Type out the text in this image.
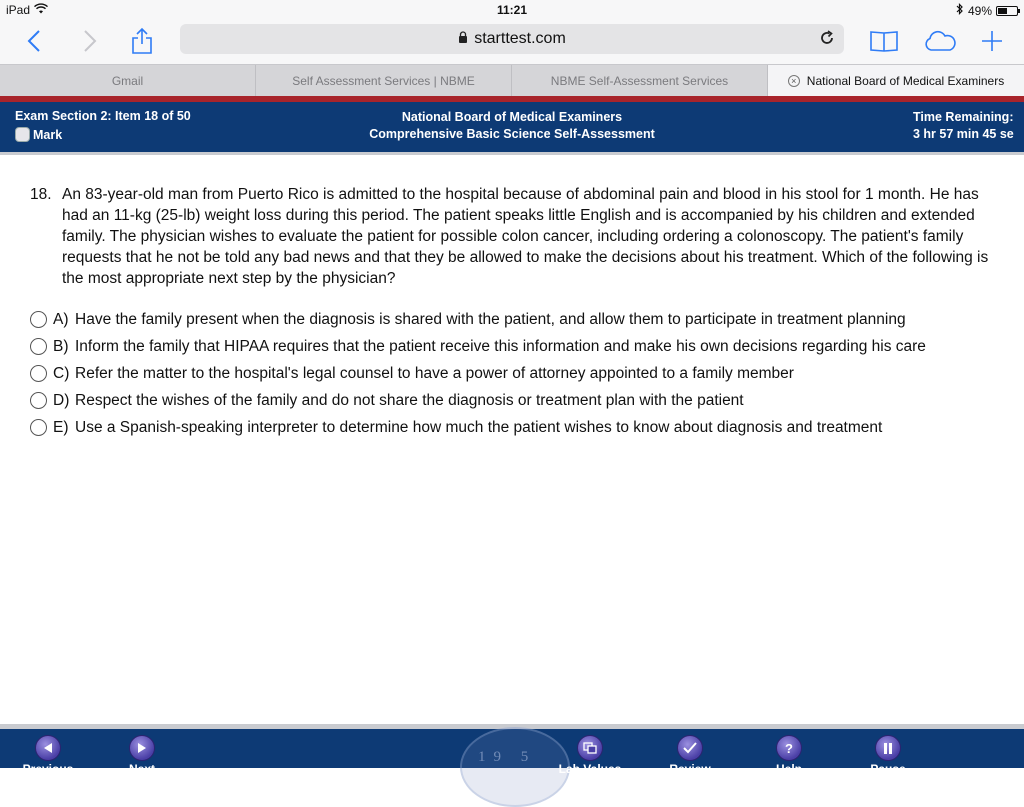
iPad	11:21	49%
starttest.com
Gmail	Self Assessment Services | NBME	NBME Self-Assessment Services	× National Board of Medical Examiners
Exam Section 2: Item 18 of 50
Mark
National Board of Medical Examiners
Comprehensive Basic Science Self-Assessment
Time Remaining:
3 hr 57 min 45 se
18. An 83-year-old man from Puerto Rico is admitted to the hospital because of abdominal pain and blood in his stool for 1 month. He has had an 11-kg (25-lb) weight loss during this period. The patient speaks little English and is accompanied by his children and extended family. The physician wishes to evaluate the patient for possible colon cancer, including ordering a colonoscopy. The patient's family requests that he not be told any bad news and that they be allowed to make the decisions about his treatment. Which of the following is the most appropriate next step by the physician?
A) Have the family present when the diagnosis is shared with the patient, and allow them to participate in treatment planning
B) Inform the family that HIPAA requires that the patient receive this information and make his own decisions regarding his care
C) Refer the matter to the hospital's legal counsel to have a power of attorney appointed to a family member
D) Respect the wishes of the family and do not share the diagnosis or treatment plan with the patient
E) Use a Spanish-speaking interpreter to determine how much the patient wishes to know about diagnosis and treatment
19 5
Previous	Next	Lab Values	Review
?
Help	Pause
